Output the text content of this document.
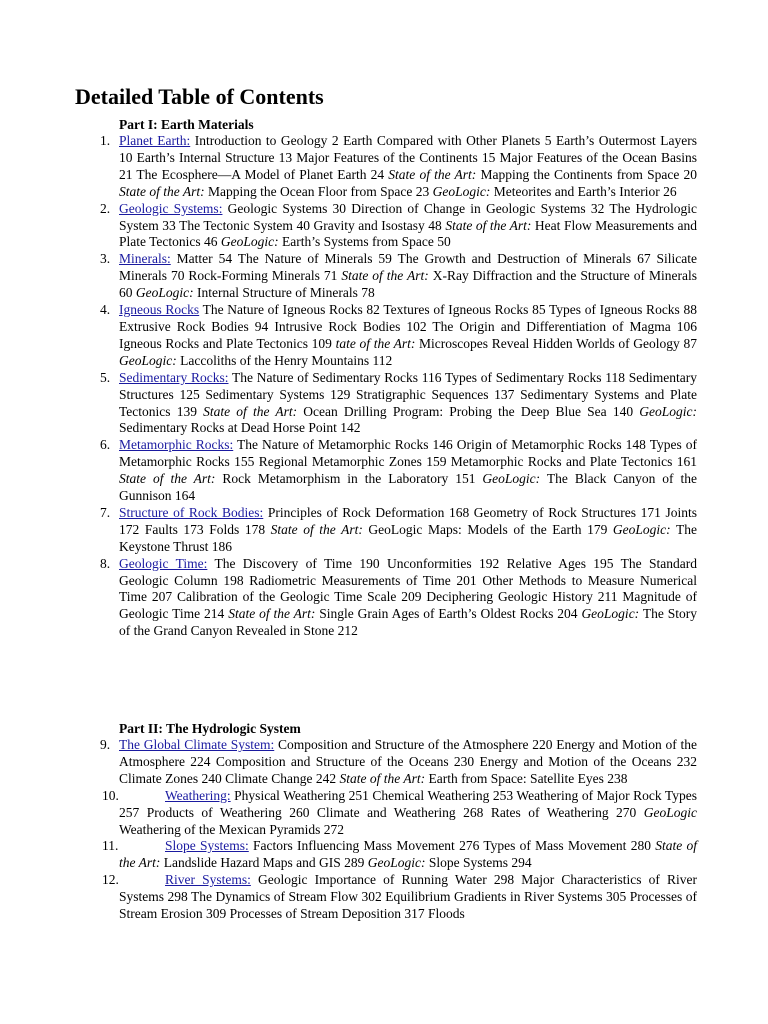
Detailed Table of Contents
Part I: Earth Materials
1. Planet Earth: Introduction to Geology 2 Earth Compared with Other Planets 5 Earth’s Outermost Layers 10 Earth’s Internal Structure 13 Major Features of the Continents 15 Major Features of the Ocean Basins 21 The Ecosphere—A Model of Planet Earth 24 State of the Art: Mapping the Continents from Space 20 State of the Art: Mapping the Ocean Floor from Space 23 GeoLogic: Meteorites and Earth’s Interior 26
2. Geologic Systems: Geologic Systems 30 Direction of Change in Geologic Systems 32 The Hydrologic System 33 The Tectonic System 40 Gravity and Isostasy 48 State of the Art: Heat Flow Measurements and Plate Tectonics 46 GeoLogic: Earth’s Systems from Space 50
3. Minerals: Matter 54 The Nature of Minerals 59 The Growth and Destruction of Minerals 67 Silicate Minerals 70 Rock-Forming Minerals 71 State of the Art: X-Ray Diffraction and the Structure of Minerals 60 GeoLogic: Internal Structure of Minerals 78
4. Igneous Rocks The Nature of Igneous Rocks 82 Textures of Igneous Rocks 85 Types of Igneous Rocks 88 Extrusive Rock Bodies 94 Intrusive Rock Bodies 102 The Origin and Differentiation of Magma 106 Igneous Rocks and Plate Tectonics 109 tate of the Art: Microscopes Reveal Hidden Worlds of Geology 87 GeoLogic: Laccoliths of the Henry Mountains 112
5. Sedimentary Rocks: The Nature of Sedimentary Rocks 116 Types of Sedimentary Rocks 118 Sedimentary Structures 125 Sedimentary Systems 129 Stratigraphic Sequences 137 Sedimentary Systems and Plate Tectonics 139 State of the Art: Ocean Drilling Program: Probing the Deep Blue Sea 140 GeoLogic: Sedimentary Rocks at Dead Horse Point 142
6. Metamorphic Rocks: The Nature of Metamorphic Rocks 146 Origin of Metamorphic Rocks 148 Types of Metamorphic Rocks 155 Regional Metamorphic Zones 159 Metamorphic Rocks and Plate Tectonics 161 State of the Art: Rock Metamorphism in the Laboratory 151 GeoLogic: The Black Canyon of the Gunnison 164
7. Structure of Rock Bodies: Principles of Rock Deformation 168 Geometry of Rock Structures 171 Joints 172 Faults 173 Folds 178 State of the Art: GeoLogic Maps: Models of the Earth 179 GeoLogic: The Keystone Thrust 186
8. Geologic Time: The Discovery of Time 190 Unconformities 192 Relative Ages 195 The Standard Geologic Column 198 Radiometric Measurements of Time 201 Other Methods to Measure Numerical Time 207 Calibration of the Geologic Time Scale 209 Deciphering Geologic History 211 Magnitude of Geologic Time 214 State of the Art: Single Grain Ages of Earth’s Oldest Rocks 204 GeoLogic: The Story of the Grand Canyon Revealed in Stone 212
Part II: The Hydrologic System
9. The Global Climate System: Composition and Structure of the Atmosphere 220 Energy and Motion of the Atmosphere 224 Composition and Structure of the Oceans 230 Energy and Motion of the Oceans 232 Climate Zones 240 Climate Change 242 State of the Art: Earth from Space: Satellite Eyes 238
10.	Weathering: Physical Weathering 251 Chemical Weathering 253 Weathering of Major Rock Types 257 Products of Weathering 260 Climate and Weathering 268 Rates of Weathering 270 GeoLogic Weathering of the Mexican Pyramids 272
11.	Slope Systems: Factors Influencing Mass Movement 276 Types of Mass Movement 280 State of the Art: Landslide Hazard Maps and GIS 289 GeoLogic: Slope Systems 294
12.	River Systems: Geologic Importance of Running Water 298 Major Characteristics of River Systems 298 The Dynamics of Stream Flow 302 Equilibrium Gradients in River Systems 305 Processes of Stream Erosion 309 Processes of Stream Deposition 317 Floods
